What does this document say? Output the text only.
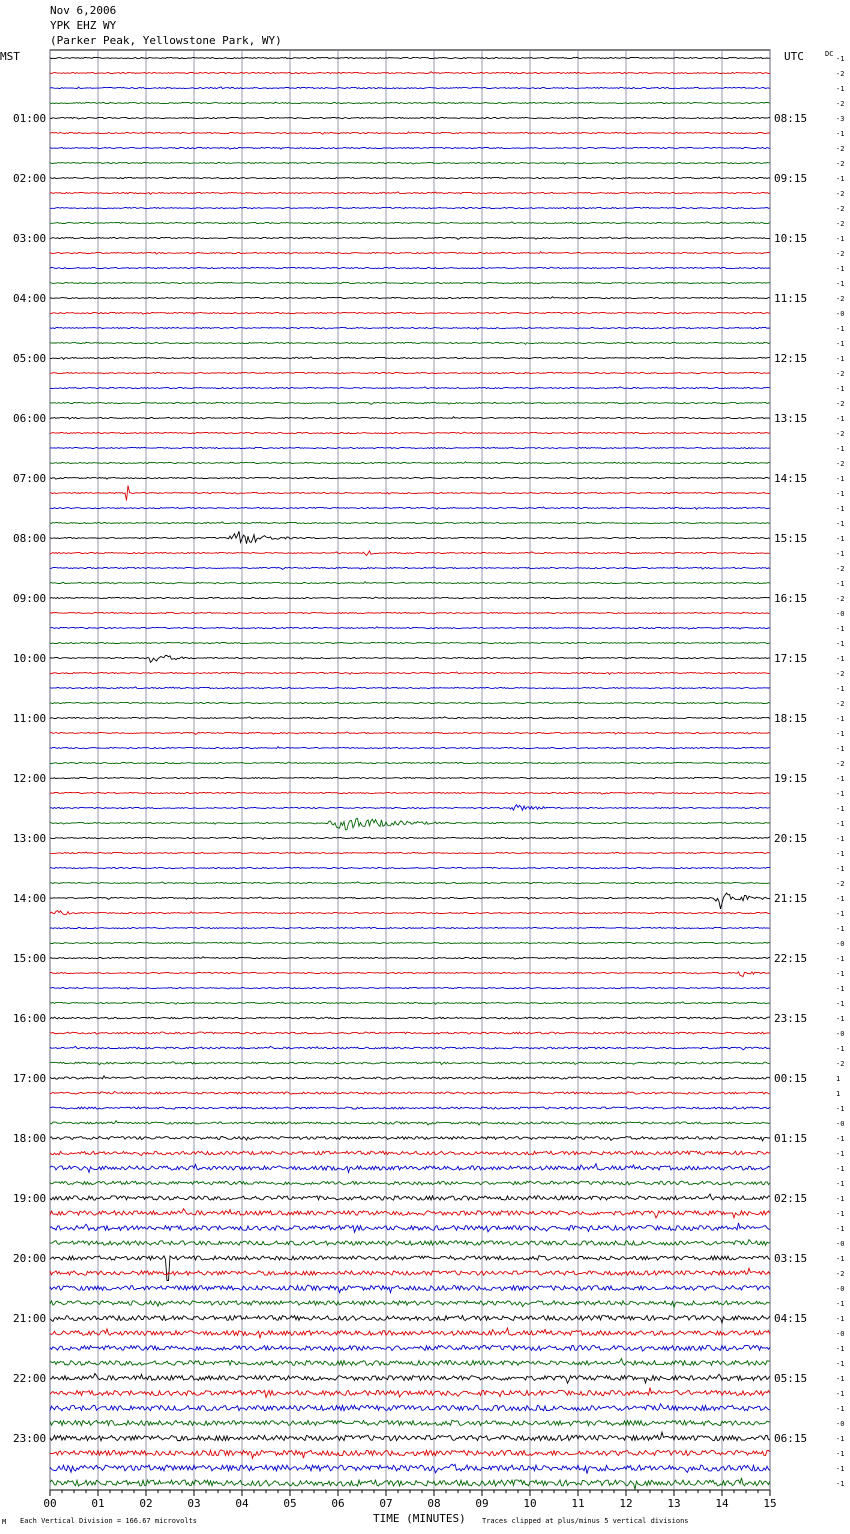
Nov 6,2006
YPK EHZ WY
(Parker Peak, Yellowstone Park, WY)
00	01	02	03	04	05	06	07	08	09	10	11	12	13	14	15
-1
-2
-1
-2
-3
-1
-2
-2
-1
-2
-2
-2
-1
-2
-1
-1
-2
-0
-1
-1
-1
-2
-1
-2
-1
-2
-1
-2
-1
-1
-1
-1
-1
-1
-2
-1
-2
-0
-1
-1
-1
-2
-1
-2
-1
-1
-1
-2
-1
-1
-1
-1
-1
-1
-1
-2
-1
-1
-1
-0
-1
-1
-1
-1
-1
-0
-1
-2
1
1
-1
-0
-1
-1
-1
-1
-1
-1
-1
-0
-1
-2
-0
-1
-1
-0
-1
-1
-1
-1
-1
-0
-1
-1
-1
-1
01:00	08:15
02:00	09:15
03:00	10:15
04:00	11:15
05:00	12:15
06:00	13:15
07:00	14:15
08:00	15:15
09:00	16:15
10:00	17:15
11:00	18:15
12:00	19:15
13:00	20:15
14:00	21:15
15:00	22:15
16:00	23:15
17:00	00:15
18:00	01:15
19:00	02:15
20:00	03:15
21:00	04:15
22:00	05:15
23:00	06:15
MST	UTC	DC
TIME (MINUTES)
Each Vertical Division = 166.67 microvolts	Traces clipped at plus/minus 5 vertical divisions
M
